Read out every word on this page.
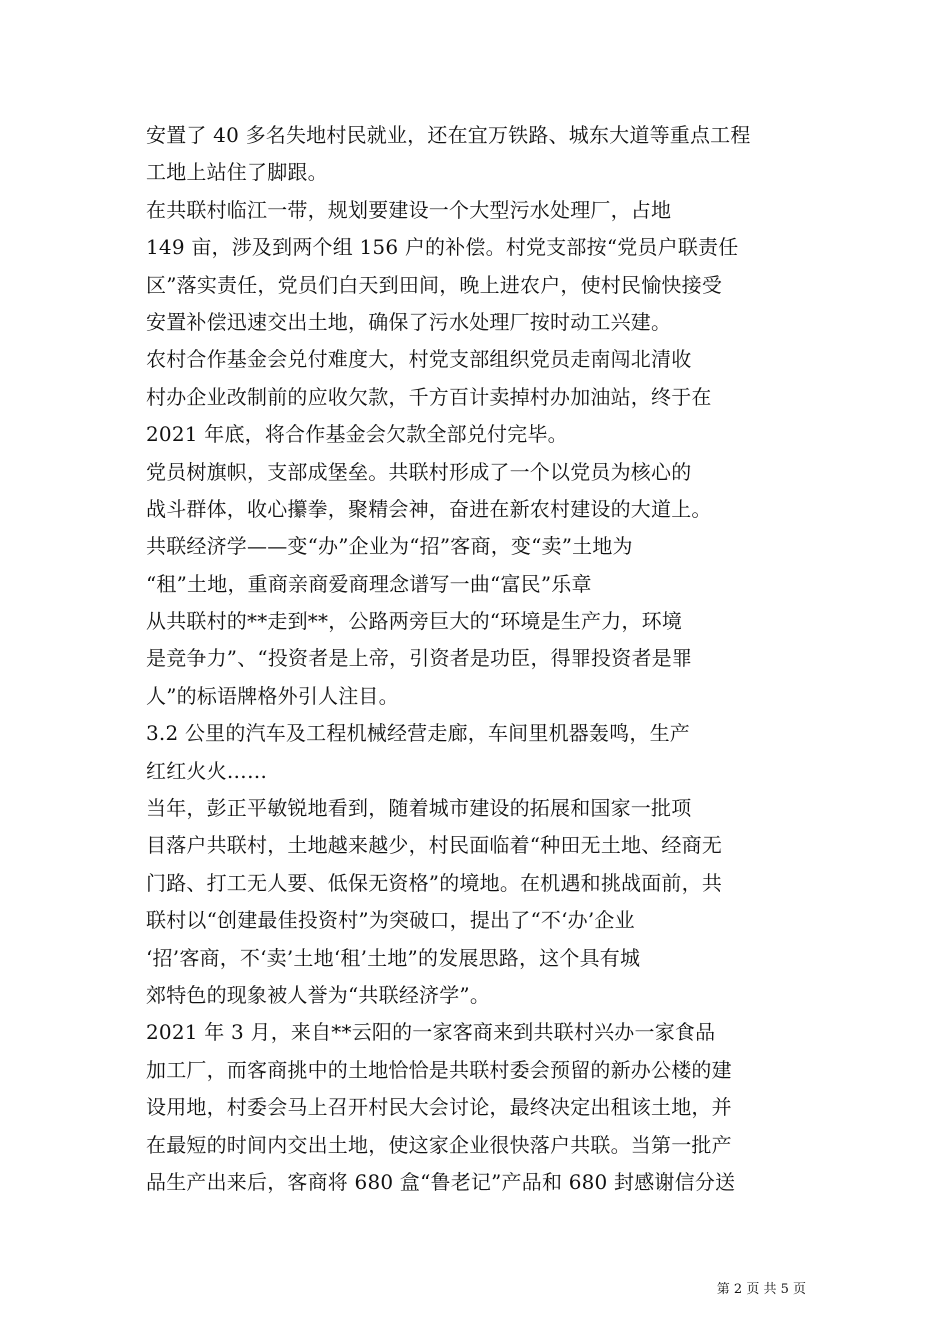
安置了 40 多名失地村民就业，还在宜万铁路、城东大道等重点工程
工地上站住了脚跟。
在共联村临江一带，规划要建设一个大型污水处理厂，占地
149 亩，涉及到两个组 156 户的补偿。村党支部按“党员户联责任
区”落实责任，党员们白天到田间，晚上进农户，使村民愉快接受
安置补偿迅速交出土地，确保了污水处理厂按时动工兴建。
农村合作基金会兑付难度大，村党支部组织党员走南闯北清收
村办企业改制前的应收欠款，千方百计卖掉村办加油站，终于在
2021 年底，将合作基金会欠款全部兑付完毕。
党员树旗帜，支部成堡垒。共联村形成了一个以党员为核心的
战斗群体，收心攥拳，聚精会神，奋进在新农村建设的大道上。
共联经济学——变“办”企业为“招”客商，变“卖”土地为
“租”土地，重商亲商爱商理念谱写一曲“富民”乐章
从共联村的**走到**，公路两旁巨大的“环境是生产力，环境
是竞争力”、“投资者是上帝，引资者是功臣，得罪投资者是罪
人”的标语牌格外引人注目。
3.2 公里的汽车及工程机械经营走廊，车间里机器轰鸣，生产
红红火火……
当年，彭正平敏锐地看到，随着城市建设的拓展和国家一批项
目落户共联村，土地越来越少，村民面临着“种田无土地、经商无
门路、打工无人要、低保无资格”的境地。在机遇和挑战面前，共
联村以“创建最佳投资村”为突破口，提出了“不‘办’企业
‘招’客商，不‘卖’土地‘租’土地”的发展思路，这个具有城
郊特色的现象被人誉为“共联经济学”。
2021 年 3 月，来自**云阳的一家客商来到共联村兴办一家食品
加工厂，而客商挑中的土地恰恰是共联村委会预留的新办公楼的建
设用地，村委会马上召开村民大会讨论，最终决定出租该土地，并
在最短的时间内交出土地，使这家企业很快落户共联。当第一批产
品生产出来后，客商将 680 盒“鲁老记”产品和 680 封感谢信分送
第 2 页 共 5 页
